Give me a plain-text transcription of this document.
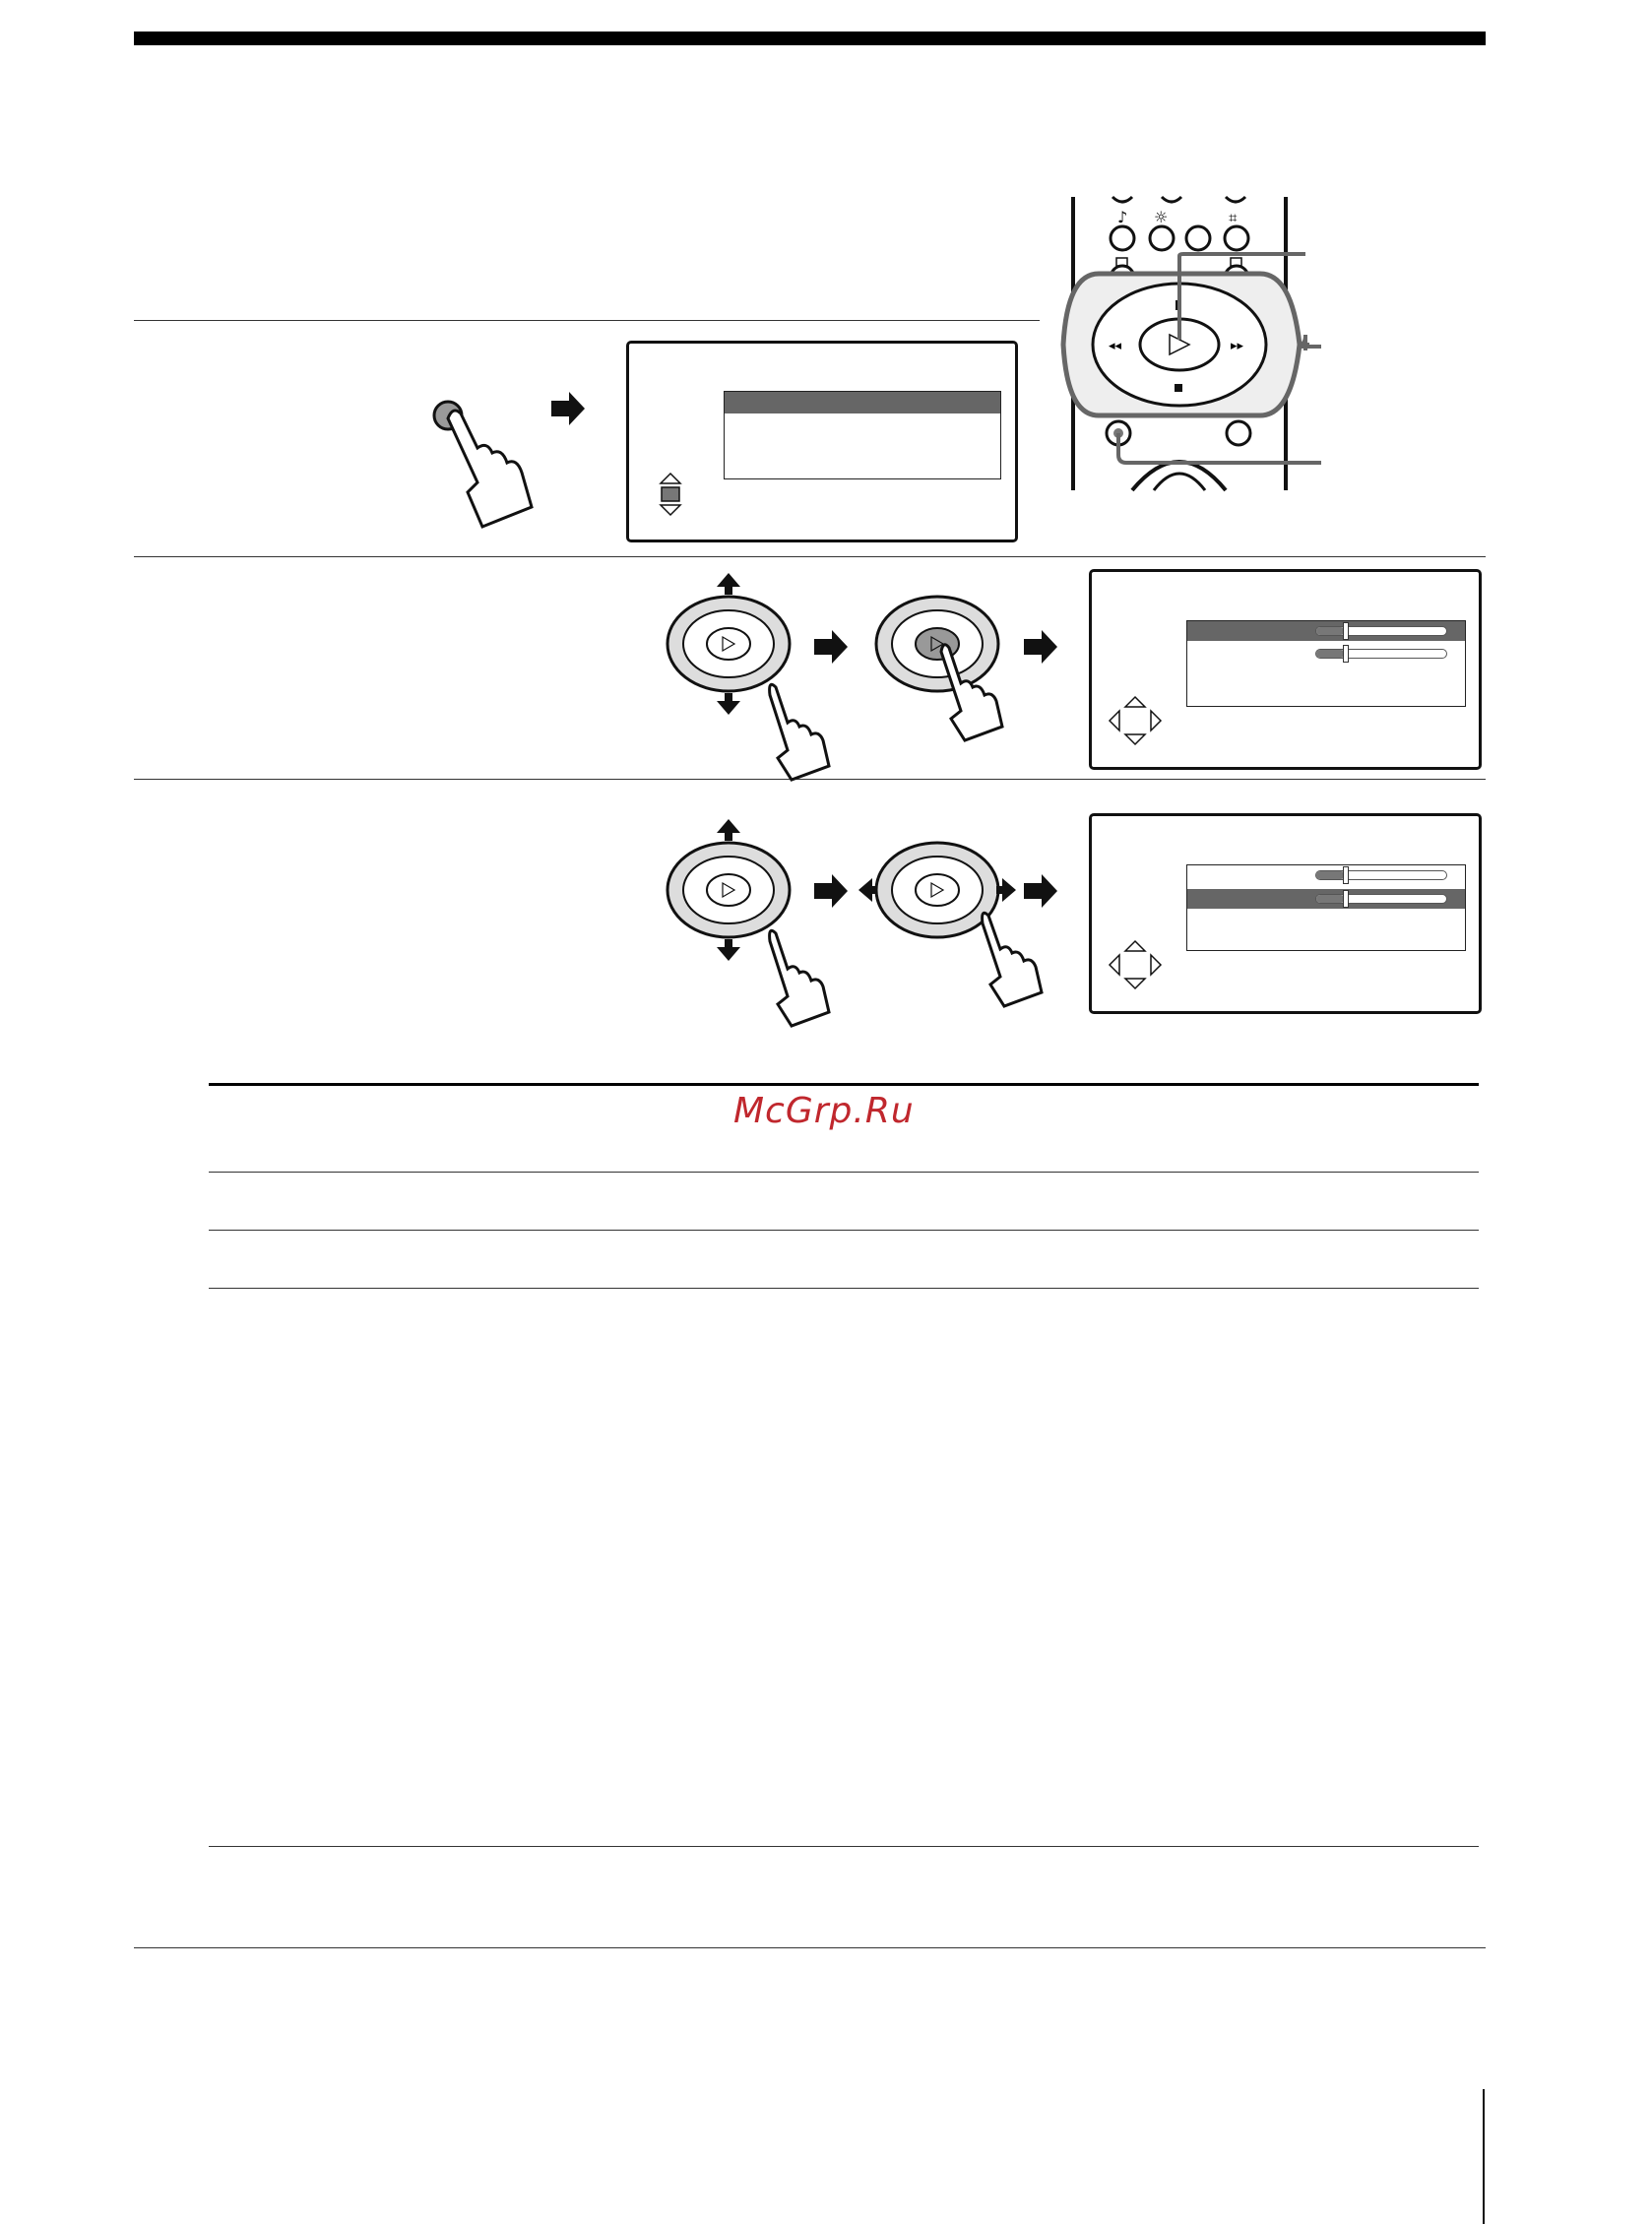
♪ ☼	⌗
◂◂	▸▸
McGrp.Ru
